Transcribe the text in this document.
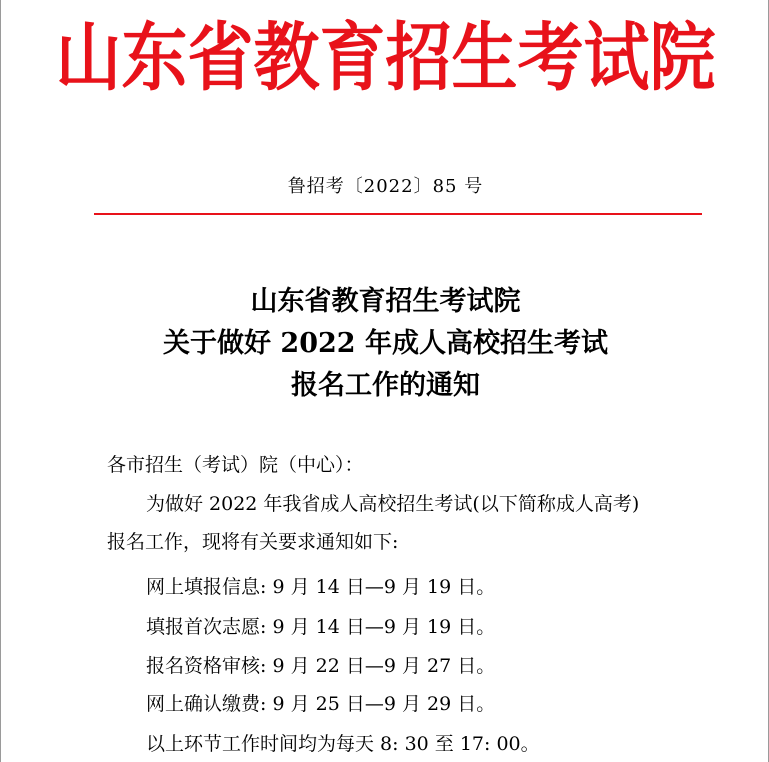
山东省教育招生考试院
鲁招考〔2022〕85 号
山东省教育招生考试院
关于做好 2022 年成人高校招生考试
报名工作的通知
各市招生（考试）院（中心）：
为做好 2022 年我省成人高校招生考试(以下简称成人高考)
报名工作，现将有关要求通知如下:
网上填报信息: 9 月 14 日—9 月 19 日。
填报首次志愿: 9 月 14 日—9 月 19 日。
报名资格审核: 9 月 22 日—9 月 27 日。
网上确认缴费: 9 月 25 日—9 月 29 日。
以上环节工作时间均为每天 8: 30 至 17: 00。
